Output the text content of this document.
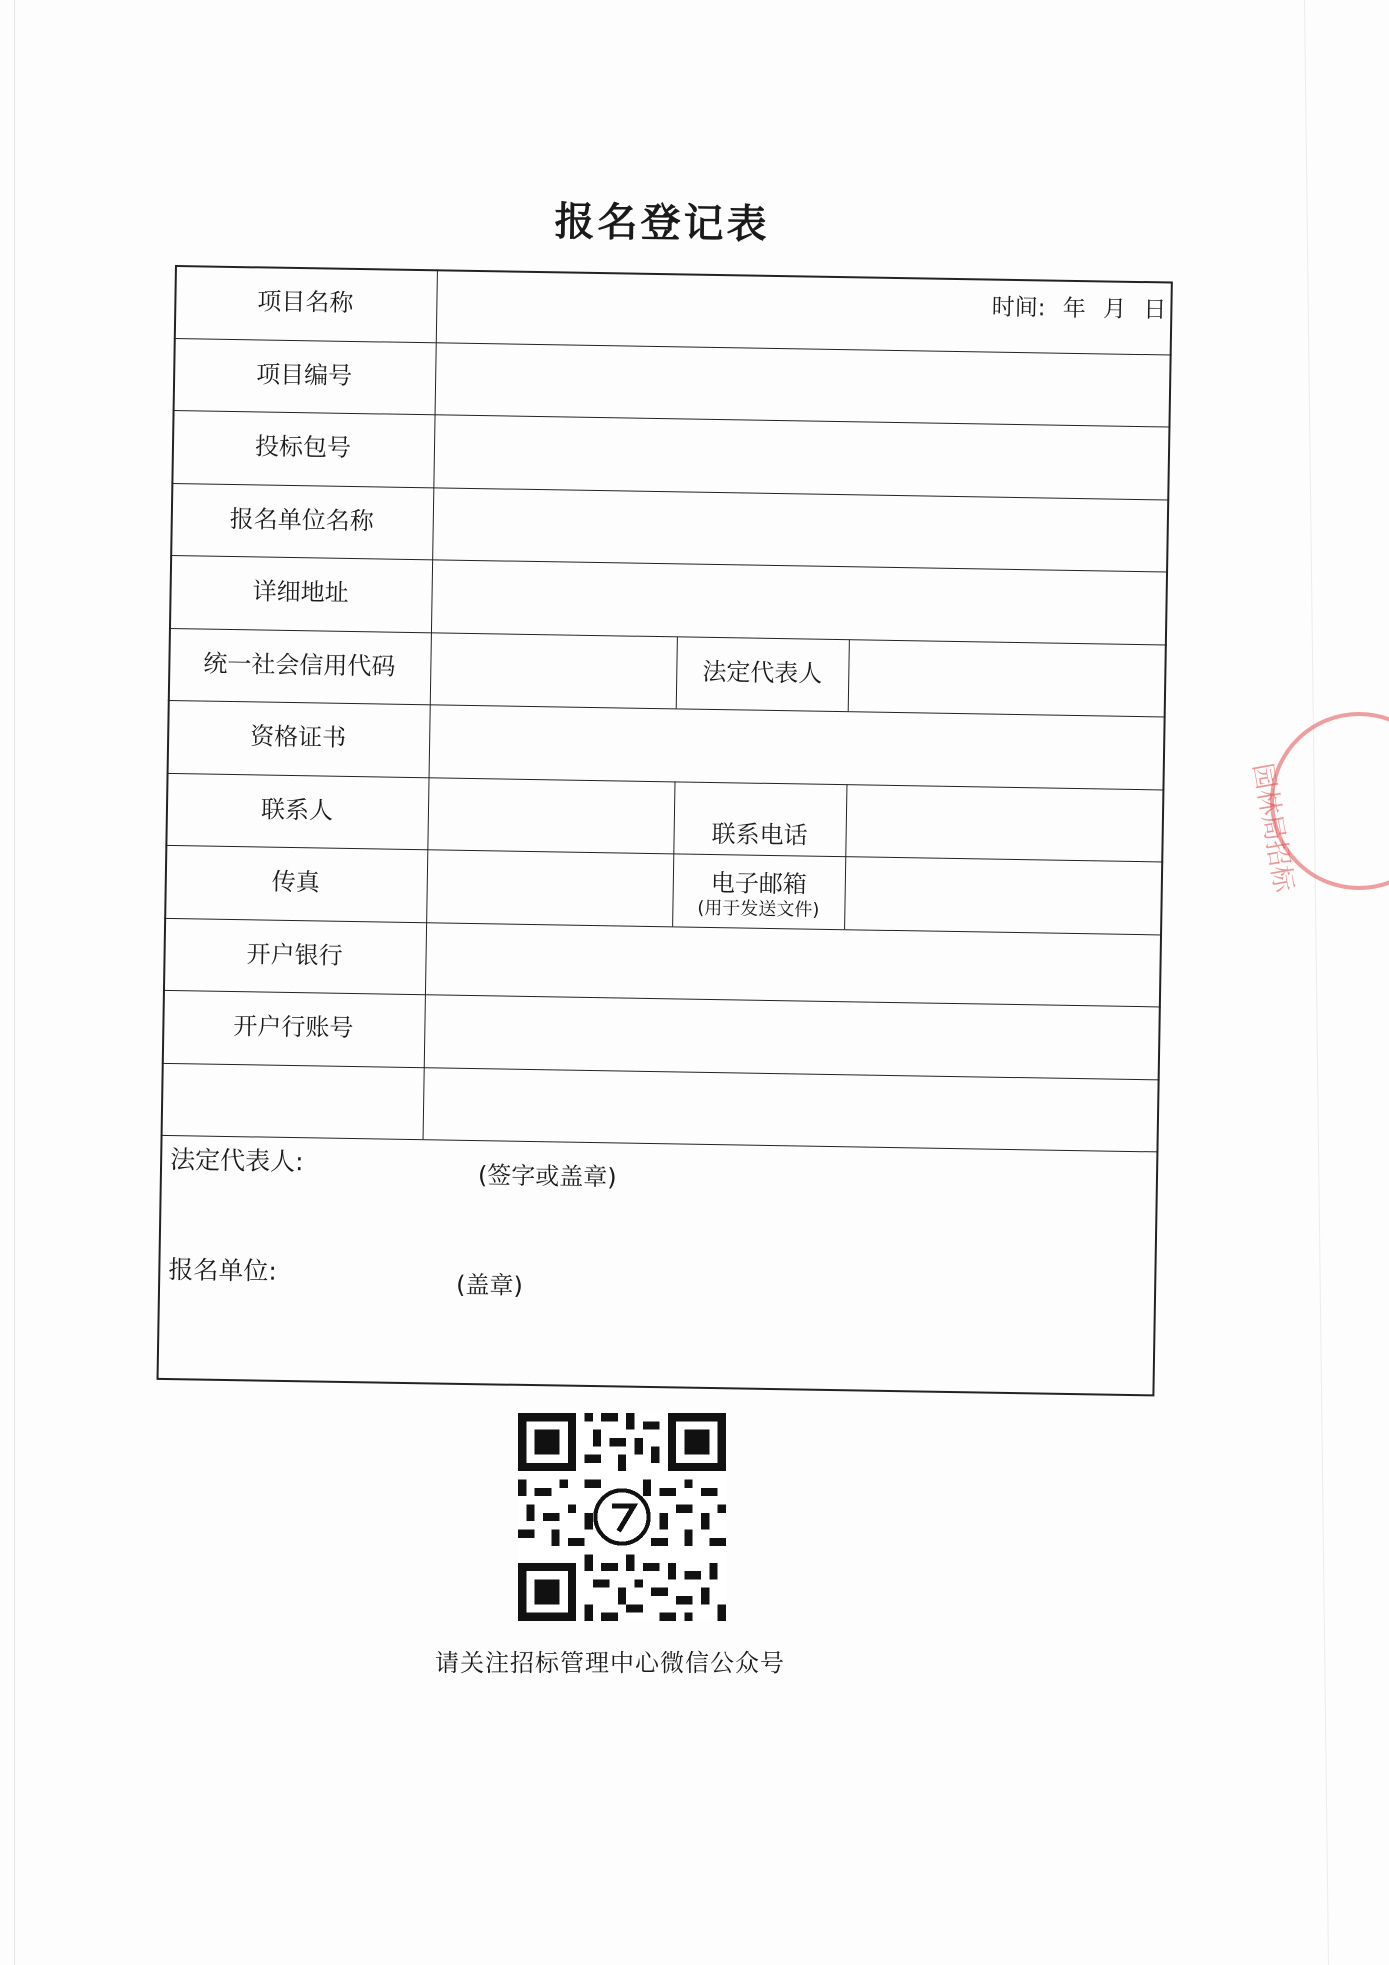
报名登记表
时间: 年 月 日
项目名称
项目编号
投标包号
报名单位名称
详细地址
统一社会信用代码	法定代表人
资格证书
联系人
传真
联系电话
电子邮箱
(用于发送文件)
开户银行
开户行账号
法定代表人:
(签字或盖章)
报名单位:	(盖章)
请关注招标管理中心微信公众号
园林局招标
